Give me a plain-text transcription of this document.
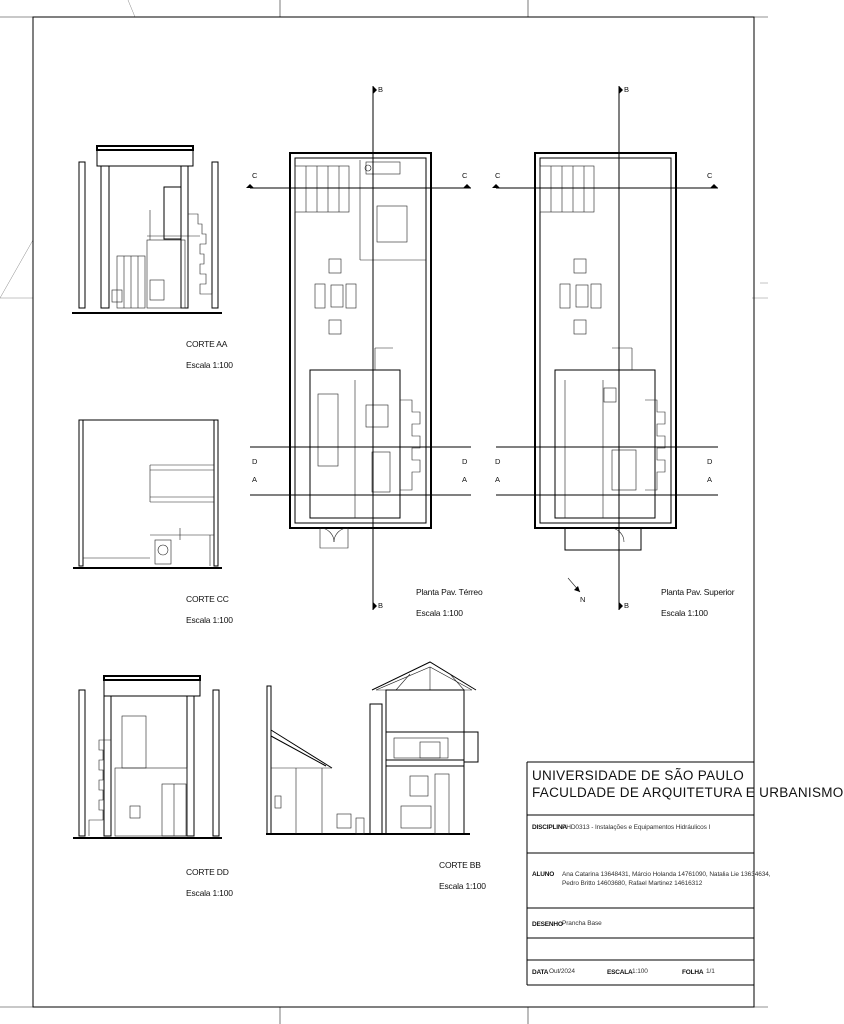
C	C	C	C
D	D	D	D
A	A	A	A
B	B
B	B
N
CORTE AA
Escala 1:100
CORTE CC
Escala 1:100
CORTE DD
Escala 1:100
CORTE BB
Escala 1:100
Planta Pav. Térreo
Escala 1:100
Planta Pav. Superior
Escala 1:100
UNIVERSIDADE DE SÃO PAULO
FACULDADE DE ARQUITETURA E URBANISMO
DISCIPLINA
PHD0313 - Instalações e Equipamentos Hidráulicos I
ALUNO Ana Catarina 13648431, Márcio Holanda 14761090, Natalia Lie 13634634,
Pedro Britto 14603680, Rafael Martinez 14616312
DESENHO Prancha Base
DATA Out/2024	ESCALA 1:100	FOLHA 1/1
